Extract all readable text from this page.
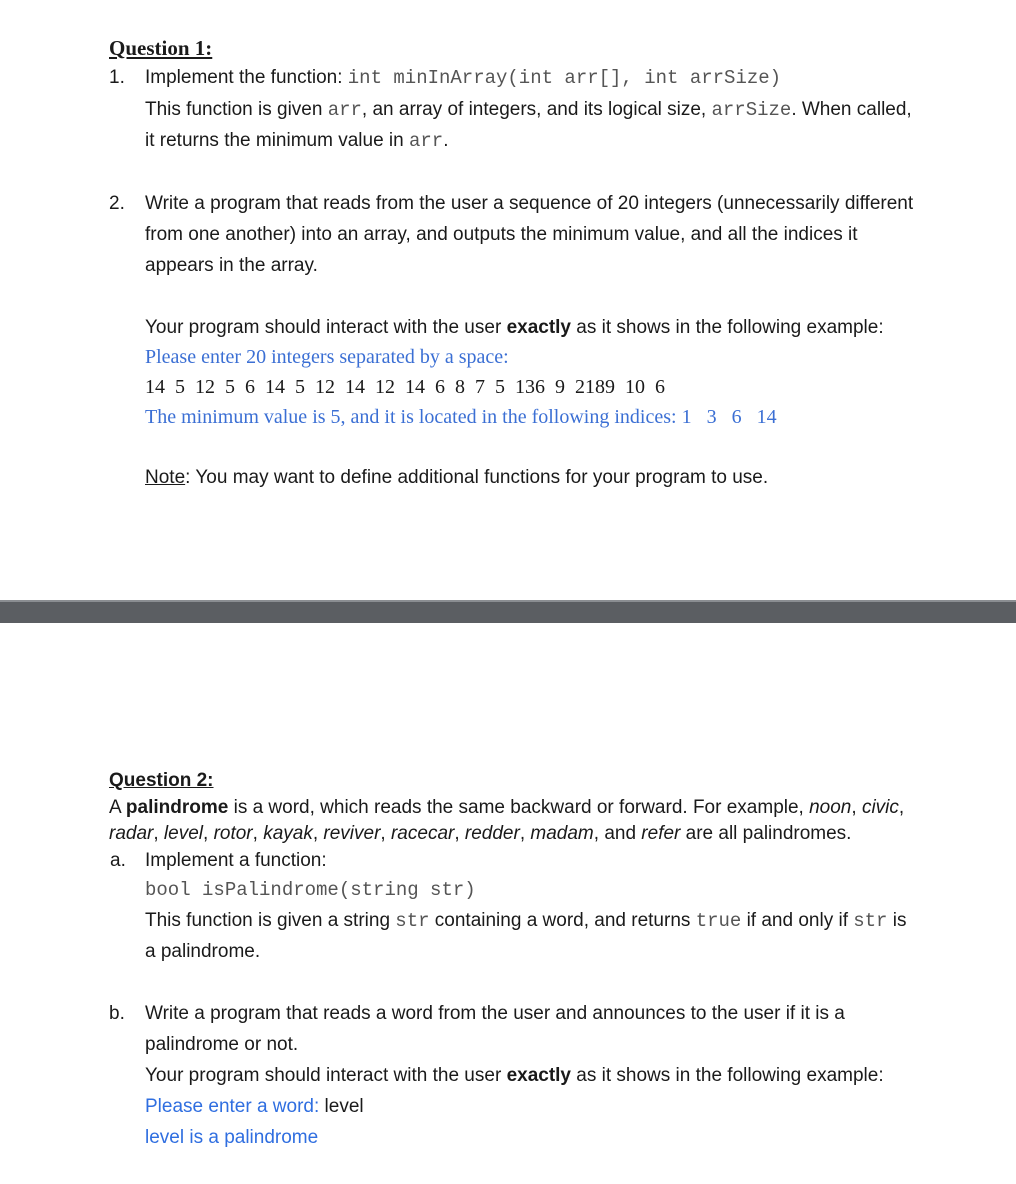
Question 1:
1. Implement the function: int minInArray(int arr[], int arrSize)
This function is given arr, an array of integers, and its logical size, arrSize. When called,
it returns the minimum value in arr.
2. Write a program that reads from the user a sequence of 20 integers (unnecessarily different
from one another) into an array, and outputs the minimum value, and all the indices it
appears in the array.
Your program should interact with the user exactly as it shows in the following example:
Please enter 20 integers separated by a space:
14  5  12  5  6  14  5  12  14  12  14  6  8  7  5  136  9  2189  10  6
The minimum value is 5, and it is located in the following indices: 1   3   6   14
Note: You may want to define additional functions for your program to use.
Question 2:
A palindrome is a word, which reads the same backward or forward. For example, noon, civic,
radar, level, rotor, kayak, reviver, racecar, redder, madam, and refer are all palindromes.
a. Implement a function:
bool isPalindrome(string str)
This function is given a string str containing a word, and returns true if and only if str is
a palindrome.
b. Write a program that reads a word from the user and announces to the user if it is a
palindrome or not.
Your program should interact with the user exactly as it shows in the following example:
Please enter a word: level
level is a palindrome
